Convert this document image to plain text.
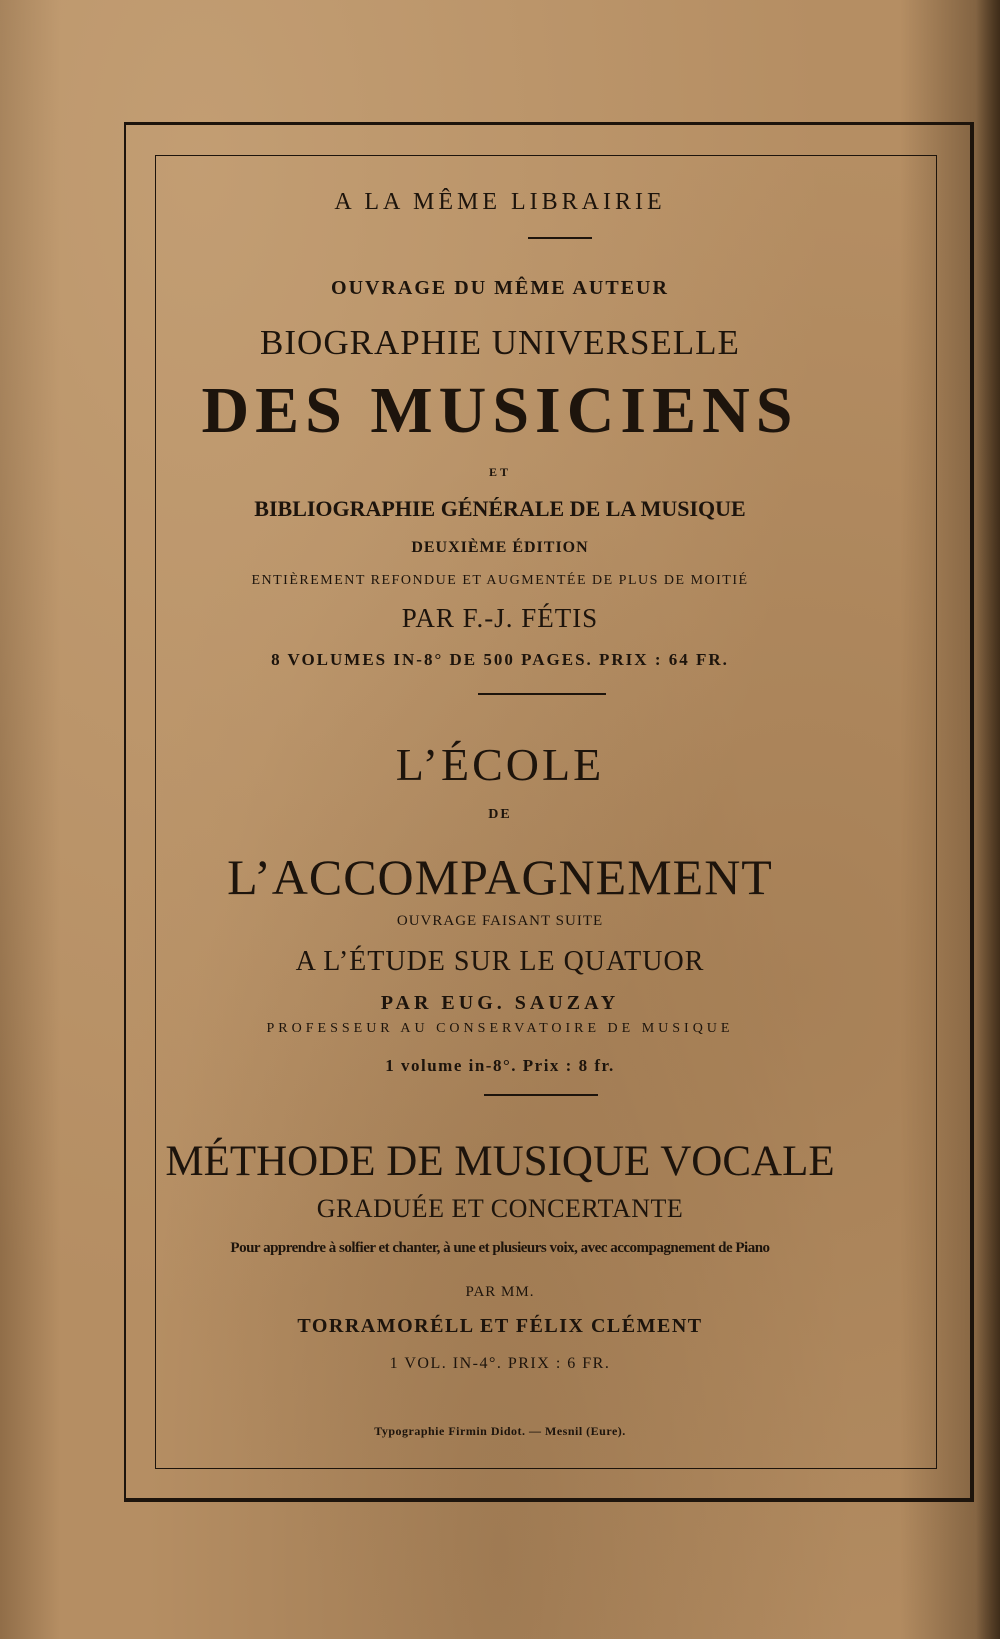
A LA MÊME LIBRAIRIE
OUVRAGE DU MÊME AUTEUR
BIOGRAPHIE UNIVERSELLE
DES MUSICIENS
ET
BIBLIOGRAPHIE GÉNÉRALE DE LA MUSIQUE
DEUXIÈME ÉDITION
ENTIÈREMENT REFONDUE ET AUGMENTÉE DE PLUS DE MOITIÉ
PAR F.-J. FÉTIS
8 VOLUMES IN-8° DE 500 PAGES. PRIX : 64 FR.
L’ÉCOLE
DE
L’ACCOMPAGNEMENT
OUVRAGE FAISANT SUITE
A L’ÉTUDE SUR LE QUATUOR
PAR EUG. SAUZAY
PROFESSEUR AU CONSERVATOIRE DE MUSIQUE
1 volume in-8°. Prix : 8 fr.
MÉTHODE DE MUSIQUE VOCALE
GRADUÉE ET CONCERTANTE
Pour apprendre à solfier et chanter, à une et plusieurs voix, avec accompagnement de Piano
PAR MM.
TORRAMORÉLL ET FÉLIX CLÉMENT
1 VOL. IN-4°. PRIX : 6 FR.
Typographie Firmin Didot. — Mesnil (Eure).
